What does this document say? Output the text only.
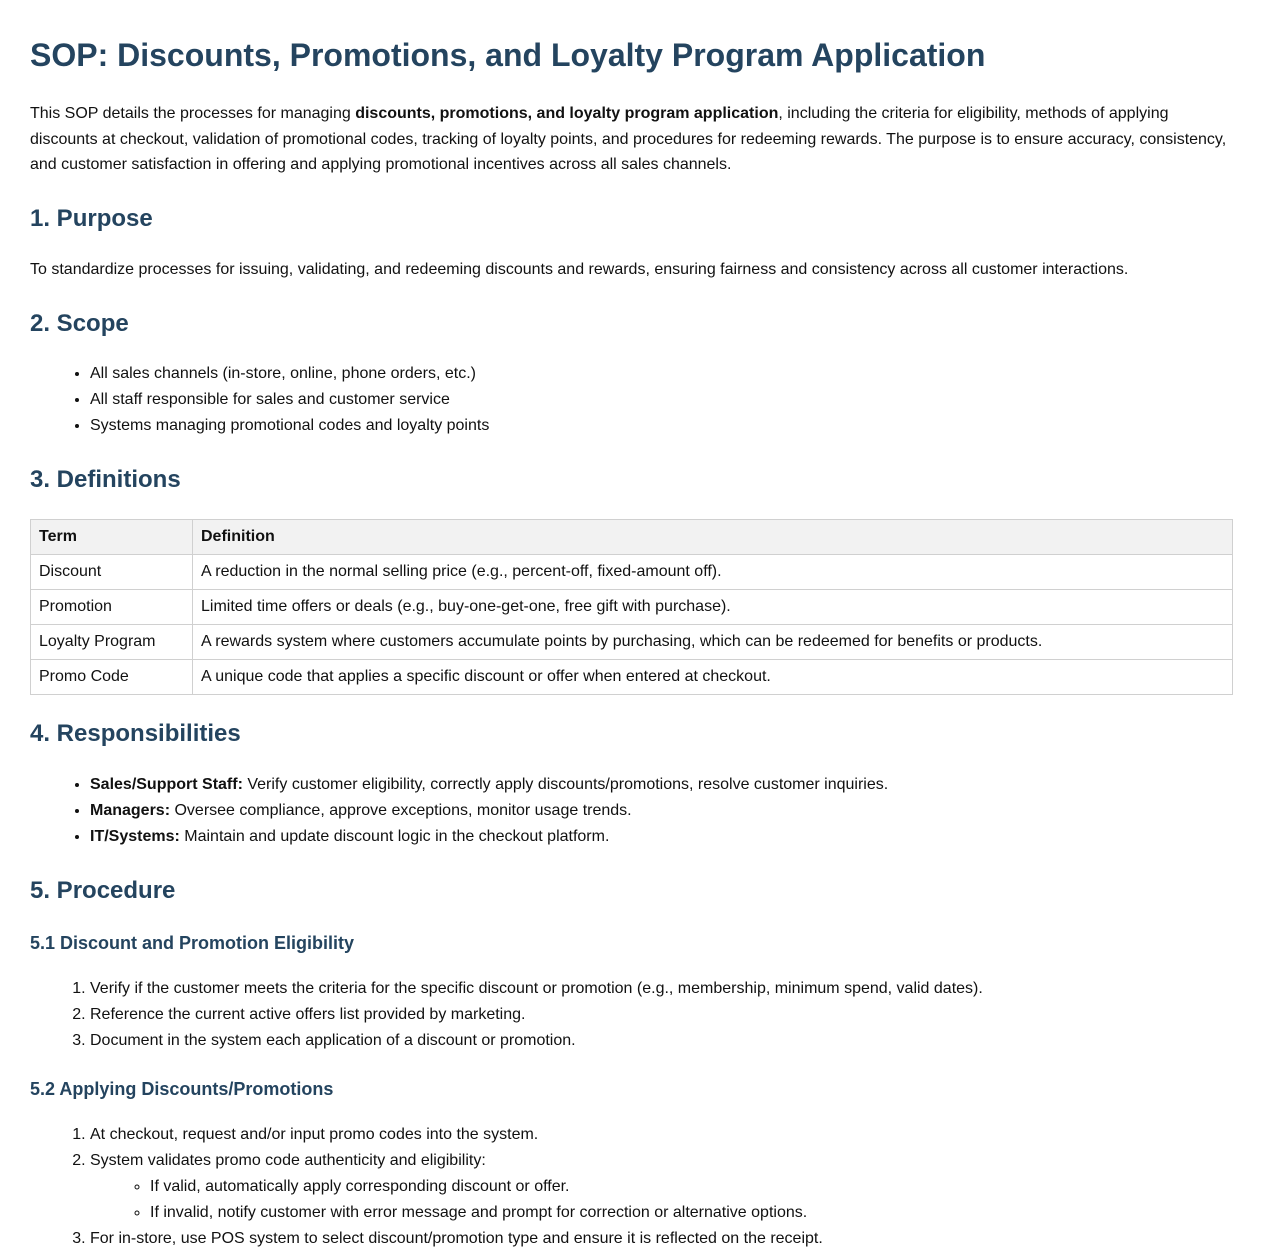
SOP: Discounts, Promotions, and Loyalty Program Application

This SOP details the processes for managing discounts, promotions, and loyalty program application, including the criteria for eligibility, methods of applying discounts at checkout, validation of promotional codes, tracking of loyalty points, and procedures for redeeming rewards. The purpose is to ensure accuracy, consistency, and customer satisfaction in offering and applying promotional incentives across all sales channels.

1. Purpose

To standardize processes for issuing, validating, and redeeming discounts and rewards, ensuring fairness and consistency across all customer interactions.

2. Scope
• All sales channels (in-store, online, phone orders, etc.)
• All staff responsible for sales and customer service
• Systems managing promotional codes and loyalty points
3. Definitions
Term	Definition
Discount	A reduction in the normal selling price (e.g., percent-off, fixed-amount off).
Promotion	Limited time offers or deals (e.g., buy-one-get-one, free gift with purchase).
Loyalty Program	A rewards system where customers accumulate points by purchasing, which can be redeemed for benefits or products.
Promo Code	A unique code that applies a specific discount or offer when entered at checkout.
4. Responsibilities
• Sales/Support Staff: Verify customer eligibility, correctly apply discounts/promotions, resolve customer inquiries.
• Managers: Oversee compliance, approve exceptions, monitor usage trends.
• IT/Systems: Maintain and update discount logic in the checkout platform.
5. Procedure
5.1 Discount and Promotion Eligibility
1. Verify if the customer meets the criteria for the specific discount or promotion (e.g., membership, minimum spend, valid dates).
2. Reference the current active offers list provided by marketing.
3. Document in the system each application of a discount or promotion.
5.2 Applying Discounts/Promotions
1. At checkout, request and/or input promo codes into the system.
2. System validates promo code authenticity and eligibility:
◦ If valid, automatically apply corresponding discount or offer.
◦ If invalid, notify customer with error message and prompt for correction or alternative options.
3. For in-store, use POS system to select discount/promotion type and ensure it is reflected on the receipt.
